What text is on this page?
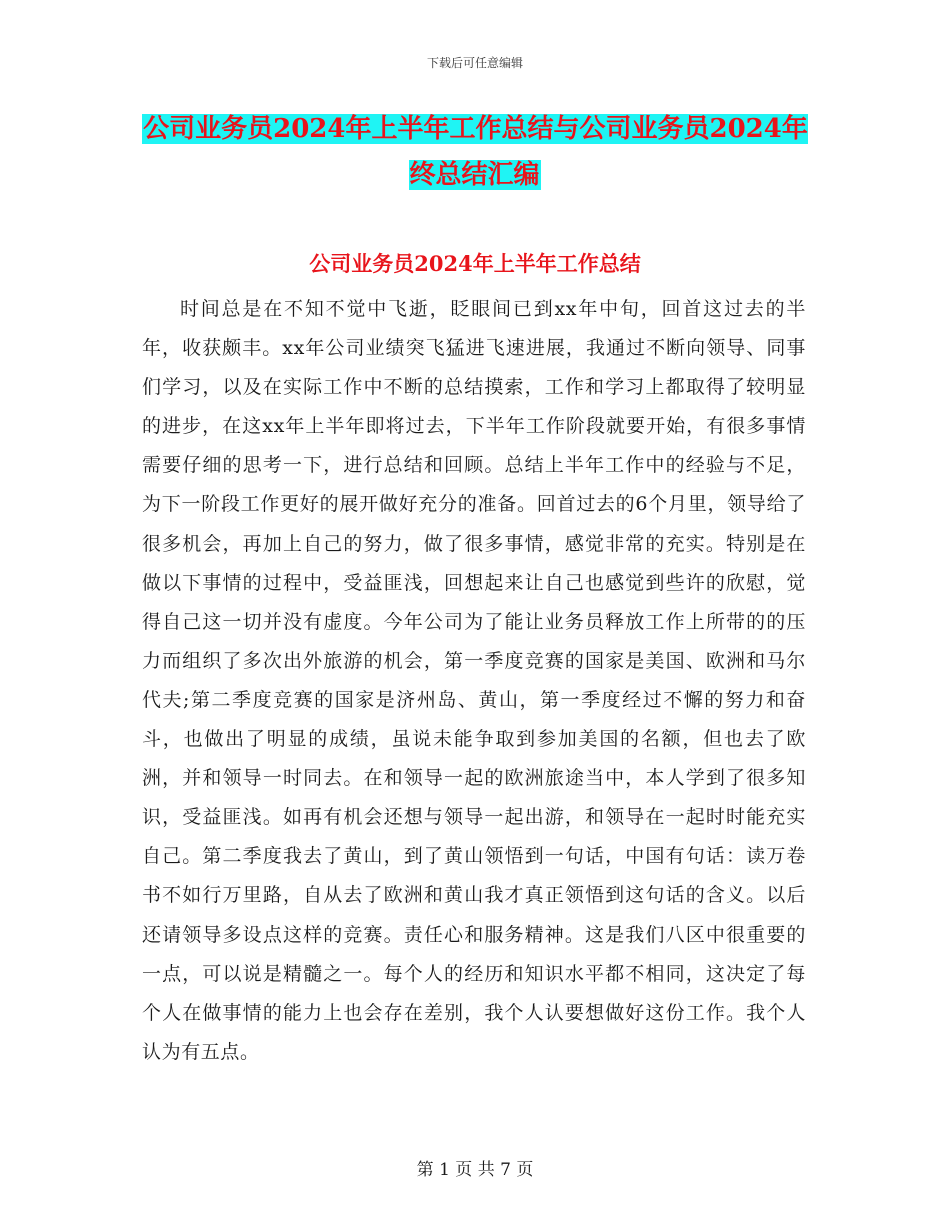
下载后可任意编辑
公司业务员2024年上半年工作总结与公司业务员2024年终总结汇编
公司业务员2024年上半年工作总结

时间总是在不知不觉中飞逝，眨眼间已到xx年中旬，回首这过去的半年，收获颇丰。xx年公司业绩突飞猛进飞速进展，我通过不断向领导、同事们学习，以及在实际工作中不断的总结摸索，工作和学习上都取得了较明显的进步，在这xx年上半年即将过去，下半年工作阶段就要开始，有很多事情需要仔细的思考一下，进行总结和回顾。总结上半年工作中的经验与不足，为下一阶段工作更好的展开做好充分的准备。回首过去的6个月里，领导给了很多机会，再加上自己的努力，做了很多事情，感觉非常的充实。特别是在做以下事情的过程中，受益匪浅，回想起来让自己也感觉到些许的欣慰，觉得自己这一切并没有虚度。今年公司为了能让业务员释放工作上所带的的压力而组织了多次出外旅游的机会，第一季度竞赛的国家是美国、欧洲和马尔代夫;第二季度竞赛的国家是济州岛、黄山，第一季度经过不懈的努力和奋斗，也做出了明显的成绩，虽说未能争取到参加美国的名额，但也去了欧洲，并和领导一时同去。在和领导一起的欧洲旅途当中，本人学到了很多知识，受益匪浅。如再有机会还想与领导一起出游，和领导在一起时时能充实自己。第二季度我去了黄山，到了黄山领悟到一句话，中国有句话：读万卷书不如行万里路，自从去了欧洲和黄山我才真正领悟到这句话的含义。以后还请领导多设点这样的竞赛。责任心和服务精神。这是我们八区中很重要的一点，可以说是精髓之一。每个人的经历和知识水平都不相同，这决定了每个人在做事情的能力上也会存在差别，我个人认要想做好这份工作。我个人认为有五点。

第 1 页 共 7 页
